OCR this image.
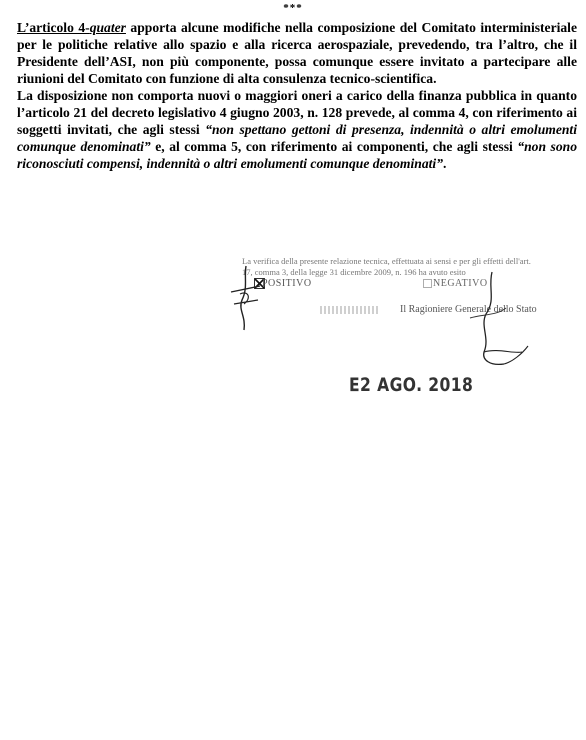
***

L’articolo 4-quater apporta alcune modifiche nella composizione del Comitato interministeriale per le politiche relative allo spazio e alla ricerca aerospaziale, prevedendo, tra l’altro, che il Presidente dell’ASI, non più componente, possa comunque essere invitato a partecipare alle riunioni del Comitato con funzione di alta consulenza tecnico-scientifica.

La disposizione non comporta nuovi o maggiori oneri a carico della finanza pubblica in quanto l’articolo 21 del decreto legislativo 4 giugno 2003, n. 128 prevede, al comma 4, con riferimento ai soggetti invitati, che agli stessi “non spettano gettoni di presenza, indennità o altri emolumenti comunque denominati” e, al comma 5, con riferimento ai componenti, che agli stessi “non sono riconosciuti compensi, indennità o altri emolumenti comunque denominati”.

La verifica della presente relazione tecnica, effettuata ai sensi e per gli effetti dell'art. 17, comma 3, della legge 31 dicembre 2009, n. 196 ha avuto esito
POSITIVO	NEGATIVO
Il Ragioniere Generale dello Stato
Ε2 AGO. 2018
